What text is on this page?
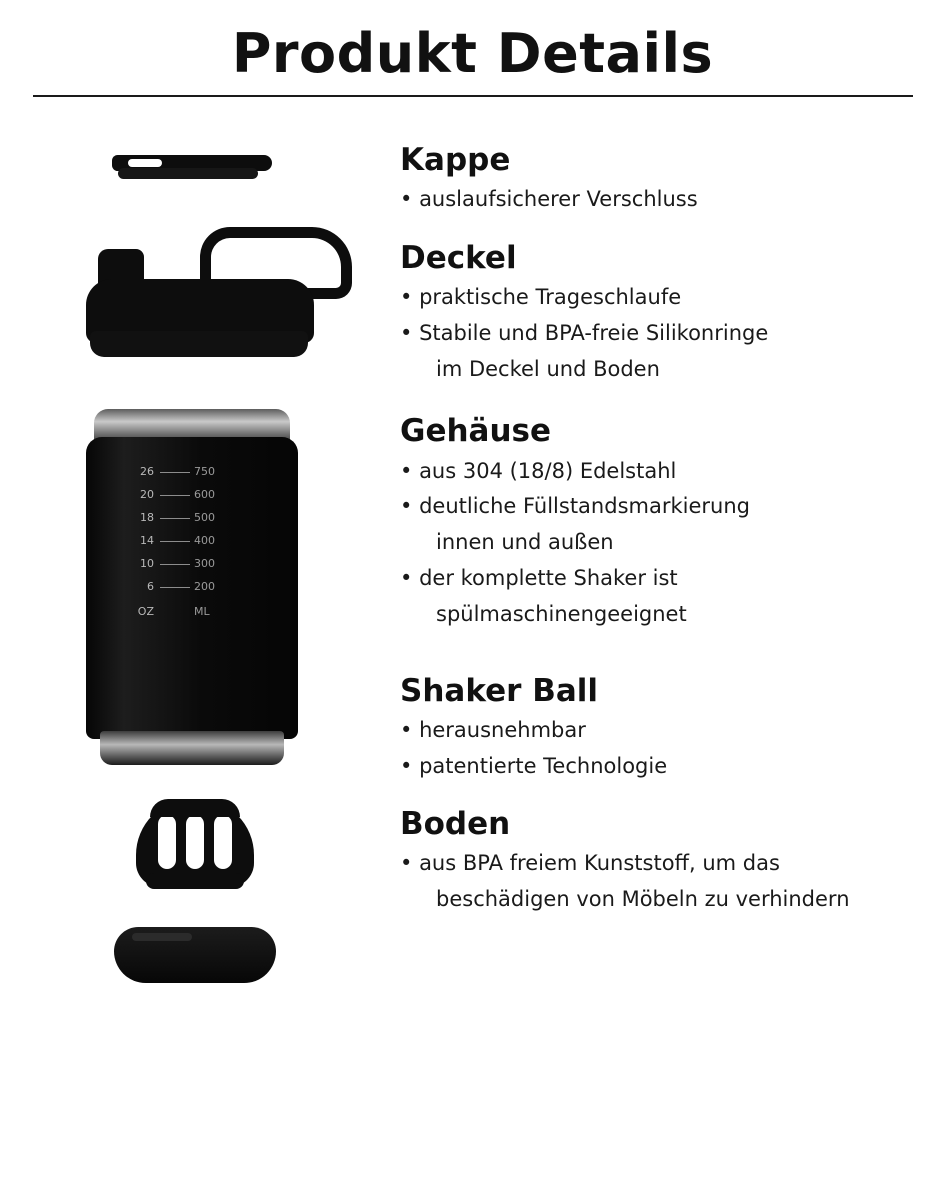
Produkt Details
26	750
20	600
18	500
14	400
10	300
6	200
OZ	ML
Kappe
• auslaufsicherer Verschluss
Deckel
• praktische Trageschlaufe
• Stabile und BPA-freie Silikonringe
im Deckel und Boden
Gehäuse
• aus 304 (18/8) Edelstahl
• deutliche Füllstandsmarkierung
innen und außen
• der komplette Shaker ist
spülmaschinengeeignet
Shaker Ball
• herausnehmbar
• patentierte Technologie
Boden
• aus BPA freiem Kunststoff, um das
beschädigen von Möbeln zu verhindern
